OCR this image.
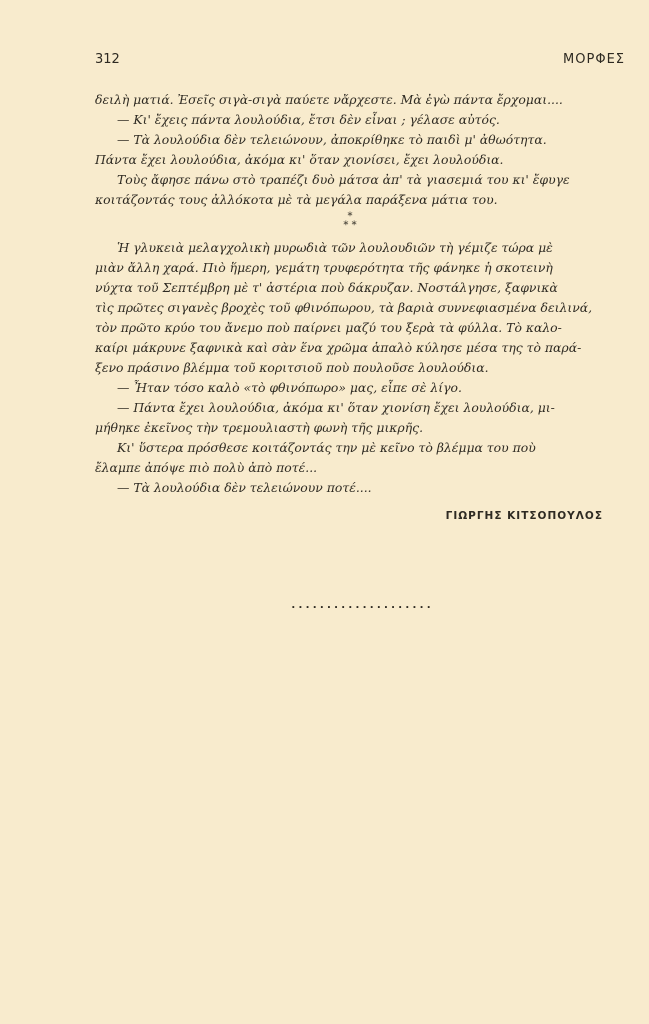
312	ΜΟΡΦΕΣ
δειλὴ ματιά. Ἐσεῖς σιγὰ-σιγὰ παύετε νἄρχεστε. Μὰ ἐγὼ πάντα ἔρχομαι....
— Κι' ἔχεις πάντα λουλούδια, ἔτσι δὲν εἶναι ; γέλασε αὐτός.
— Τὰ λουλούδια δὲν τελειώνουν, ἀποκρίθηκε τὸ παιδὶ μ' ἀθωότητα.
Πάντα ἔχει λουλούδια, ἀκόμα κι' ὅταν χιονίσει, ἔχει λουλούδια.
Τοὺς ἄφησε πάνω στὸ τραπέζι δυὸ μάτσα ἀπ' τὰ γιασεμιά του κι' ἔφυγε
κοιτάζοντάς τους ἀλλόκοτα μὲ τὰ μεγάλα παράξενα μάτια του.
*
* *
Ἡ γλυκειὰ μελαγχολικὴ μυρωδιὰ τῶν λουλουδιῶν τὴ γέμιζε τώρα μὲ
μιὰν ἄλλη χαρά. Πιὸ ἥμερη, γεμάτη τρυφερότητα τῆς φάνηκε ἡ σκοτεινὴ
νύχτα τοῦ Σεπτέμβρη μὲ τ' ἀστέρια ποὺ δάκρυζαν. Νοστάλγησε, ξαφνικὰ
τὶς πρῶτες σιγανὲς βροχὲς τοῦ φθινόπωρου, τὰ βαριὰ συννεφιασμένα δειλινά,
τὸν πρῶτο κρύο του ἄνεμο ποὺ παίρνει μαζύ του ξερὰ τὰ φύλλα. Τὸ καλο-
καίρι μάκρυνε ξαφνικὰ καὶ σὰν ἕνα χρῶμα ἁπαλὸ κύλησε μέσα της τὸ παρά-
ξενο πράσινο βλέμμα τοῦ κοριτσιοῦ ποὺ πουλοῦσε λουλούδια.
— Ἦταν τόσο καλὸ «τὸ φθινόπωρο» μας, εἶπε σὲ λίγο.
— Πάντα ἔχει λουλούδια, ἀκόμα κι' ὅταν χιονίση ἔχει λουλούδια, μι-
μήθηκε ἐκεῖνος τὴν τρεμουλιαστὴ φωνὴ τῆς μικρῆς.
Κι' ὕστερα πρόσθεσε κοιτάζοντάς την μὲ κεῖνο τὸ βλέμμα του ποὺ
ἔλαμπε ἀπόψε πιὸ πολὺ ἀπὸ ποτέ...
— Τὰ λουλούδια δὲν τελειώνουν ποτέ....
ΓΙΩΡΓΗΣ ΚΙΤΣΟΠΟΥΛΟΣ
....................
